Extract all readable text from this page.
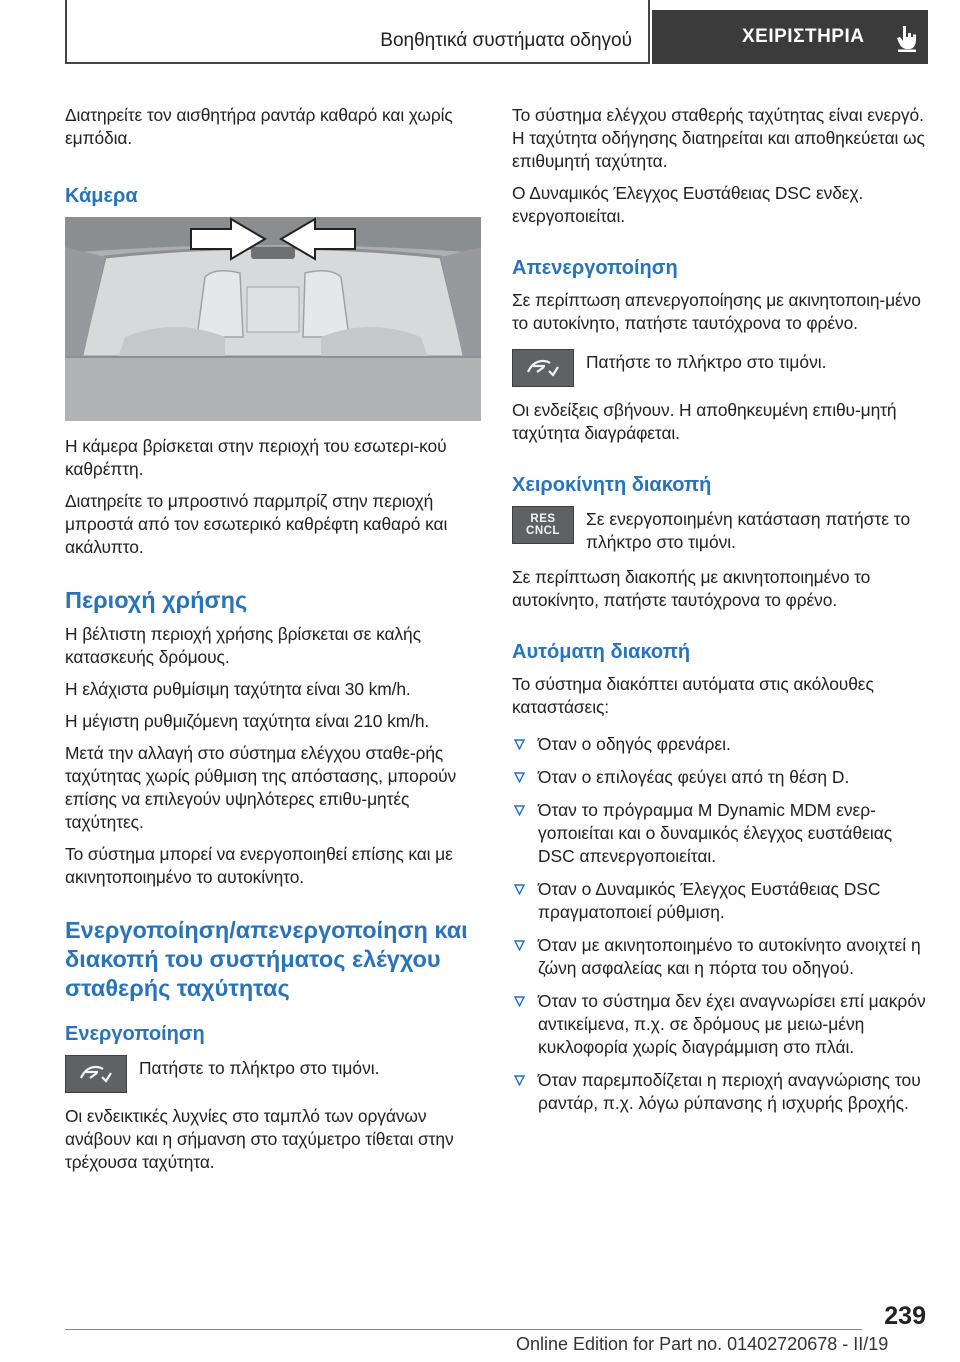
Βοηθητικά συστήματα οδηγού	ΧΕΙΡΙΣΤΗΡΙΑ

Διατηρείτε τον αισθητήρα ραντάρ καθαρό και χωρίς εμπόδια.

Κάμερα

Η κάμερα βρίσκεται στην περιοχή του εσωτερι-κού καθρέπτη.

Διατηρείτε το μπροστινό παρμπρίζ στην περιοχή μπροστά από τον εσωτερικό καθρέφτη καθαρό και ακάλυπτο.

Περιοχή χρήσης

Η βέλτιστη περιοχή χρήσης βρίσκεται σε καλής κατασκευής δρόμους.

Η ελάχιστα ρυθμίσιμη ταχύτητα είναι 30 km/h.

Η μέγιστη ρυθμιζόμενη ταχύτητα είναι 210 km/h.

Μετά την αλλαγή στο σύστημα ελέγχου σταθε-ρής ταχύτητας χωρίς ρύθμιση της απόστασης, μπορούν επίσης να επιλεγούν υψηλότερες επιθυ-μητές ταχύτητες.

Το σύστημα μπορεί να ενεργοποιηθεί επίσης και με ακινητοποιημένο το αυτοκίνητο.

Ενεργοποίηση/απενεργοποίηση και διακοπή του συστήματος ελέγχου σταθερής ταχύτητας
Ενεργοποίηση
Πατήστε το πλήκτρο στο τιμόνι.

Οι ενδεικτικές λυχνίες στο ταμπλό των οργάνων ανάβουν και η σήμανση στο ταχύμετρο τίθεται στην τρέχουσα ταχύτητα.

Το σύστημα ελέγχου σταθερής ταχύτητας είναι ενεργό. Η ταχύτητα οδήγησης διατηρείται και αποθηκεύεται ως επιθυμητή ταχύτητα.

Ο Δυναμικός Έλεγχος Ευστάθειας DSC ενδεχ. ενεργοποιείται.

Απενεργοποίηση

Σε περίπτωση απενεργοποίησης με ακινητοποιη-μένο το αυτοκίνητο, πατήστε ταυτόχρονα το φρένο.

Πατήστε το πλήκτρο στο τιμόνι.

Οι ενδείξεις σβήνουν. Η αποθηκευμένη επιθυ-μητή ταχύτητα διαγράφεται.

Χειροκίνητη διακοπή
RES CNCL
Σε ενεργοποιημένη κατάσταση πατήστε το πλήκτρο στο τιμόνι.

Σε περίπτωση διακοπής με ακινητοποιημένο το αυτοκίνητο, πατήστε ταυτόχρονα το φρένο.

Αυτόματη διακοπή

Το σύστημα διακόπτει αυτόματα στις ακόλουθες καταστάσεις:

Όταν ο οδηγός φρενάρει.
Όταν ο επιλογέας φεύγει από τη θέση D.
Όταν το πρόγραμμα M Dynamic MDM ενερ-γοποιείται και ο δυναμικός έλεγχος ευστάθειας DSC απενεργοποιείται.
Όταν ο Δυναμικός Έλεγχος Ευστάθειας DSC πραγματοποιεί ρύθμιση.
Όταν με ακινητοποιημένο το αυτοκίνητο ανοιχτεί η ζώνη ασφαλείας και η πόρτα του οδηγού.
Όταν το σύστημα δεν έχει αναγνωρίσει επί μακρόν αντικείμενα, π.χ. σε δρόμους με μειω-μένη κυκλοφορία χωρίς διαγράμμιση στο πλάι.
Όταν παρεμποδίζεται η περιοχή αναγνώρισης του ραντάρ, π.χ. λόγω ρύπανσης ή ισχυρής βροχής.
239
Online Edition for Part no. 01402720678 - II/19
